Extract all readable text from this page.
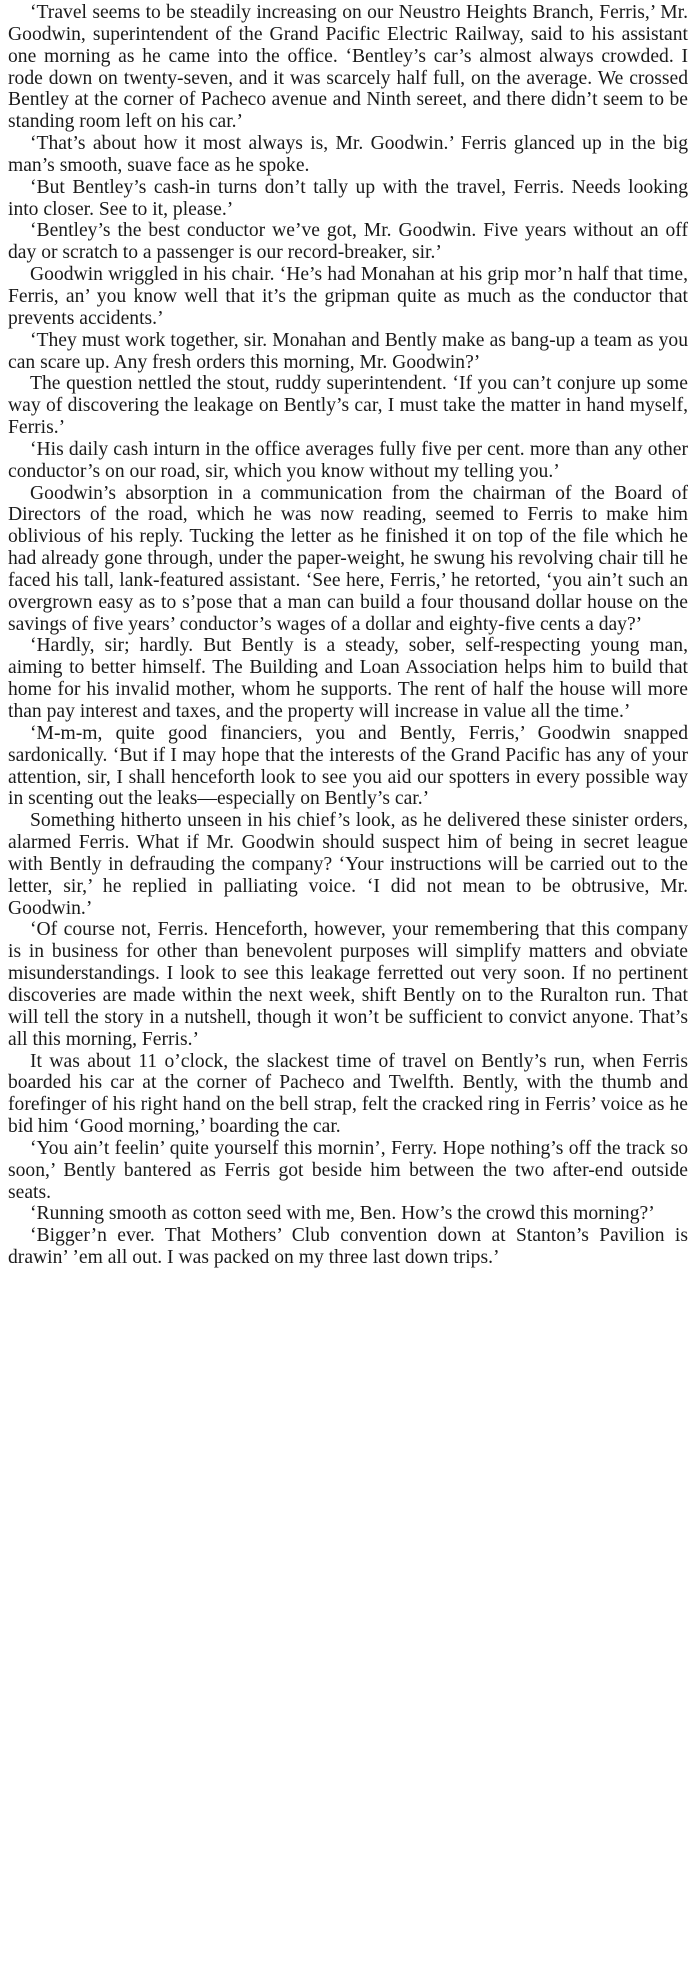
‘Travel seems to be steadily increasing on our Neustro Heights Branch, Ferris,’ Mr. Goodwin, superintendent of the Grand Pacific Electric Railway, said to his assistant one morning as he came into the office. ‘Bentley’s car’s almost always crowded. I rode down on twenty-seven, and it was scarcely half full, on the average. We crossed Bentley at the corner of Pacheco avenue and Ninth sereet, and there didn’t seem to be standing room left on his car.’

‘That’s about how it most always is, Mr. Goodwin.’ Ferris glanced up in the big man’s smooth, suave face as he spoke.

‘But Bentley’s cash-in turns don’t tally up with the travel, Ferris. Needs looking into closer. See to it, please.’

‘Bentley’s the best conductor we’ve got, Mr. Goodwin. Five years without an off day or scratch to a passenger is our record-breaker, sir.’

Goodwin wriggled in his chair. ‘He’s had Monahan at his grip mor’n half that time, Ferris, an’ you know well that it’s the gripman quite as much as the conductor that prevents accidents.’

‘They must work together, sir. Monahan and Bently make as bang-up a team as you can scare up. Any fresh orders this morning, Mr. Goodwin?’

The question nettled the stout, ruddy superintendent. ‘If you can’t conjure up some way of discovering the leakage on Bently’s car, I must take the matter in hand myself, Ferris.’

‘His daily cash inturn in the office averages fully five per cent. more than any other conductor’s on our road, sir, which you know without my telling you.’

Goodwin’s absorption in a communication from the chairman of the Board of Directors of the road, which he was now reading, seemed to Ferris to make him oblivious of his reply. Tucking the letter as he finished it on top of the file which he had already gone through, under the paper-weight, he swung his revolving chair till he faced his tall, lank-featured assistant. ‘See here, Ferris,’ he retorted, ‘you ain’t such an overgrown easy as to s’pose that a man can build a four thousand dollar house on the savings of five years’ conductor’s wages of a dollar and eighty-five cents a day?’

‘Hardly, sir; hardly. But Bently is a steady, sober, self-respecting young man, aiming to better himself. The Building and Loan Association helps him to build that home for his invalid mother, whom he supports. The rent of half the house will more than pay interest and taxes, and the property will increase in value all the time.’

‘M-m-m, quite good financiers, you and Bently, Ferris,’ Goodwin snapped sardonically. ‘But if I may hope that the interests of the Grand Pacific has any of your attention, sir, I shall henceforth look to see you aid our spotters in every possible way in scenting out the leaks—especially on Bently’s car.’

Something hitherto unseen in his chief’s look, as he delivered these sinister orders, alarmed Ferris. What if Mr. Goodwin should suspect him of being in secret league with Bently in defrauding the company? ‘Your instructions will be carried out to the letter, sir,’ he replied in palliating voice. ‘I did not mean to be obtrusive, Mr. Goodwin.’

‘Of course not, Ferris. Henceforth, however, your remembering that this company is in business for other than benevolent purposes will simplify matters and obviate misunderstandings. I look to see this leakage ferretted out very soon. If no pertinent discoveries are made within the next week, shift Bently on to the Ruralton run. That will tell the story in a nutshell, though it won’t be sufficient to convict anyone. That’s all this morning, Ferris.’

It was about 11 o’clock, the slackest time of travel on Bently’s run, when Ferris boarded his car at the corner of Pacheco and Twelfth. Bently, with the thumb and forefinger of his right hand on the bell strap, felt the cracked ring in Ferris’ voice as he bid him ‘Good morning,’ boarding the car.

‘You ain’t feelin’ quite yourself this mornin’, Ferry. Hope nothing’s off the track so soon,’ Bently bantered as Ferris got beside him between the two after-end outside seats.

‘Running smooth as cotton seed with me, Ben. How’s the crowd this morning?’

‘Bigger’n ever. That Mothers’ Club convention down at Stanton’s Pavilion is drawin’ ’em all out. I was packed on my three last down trips.’
